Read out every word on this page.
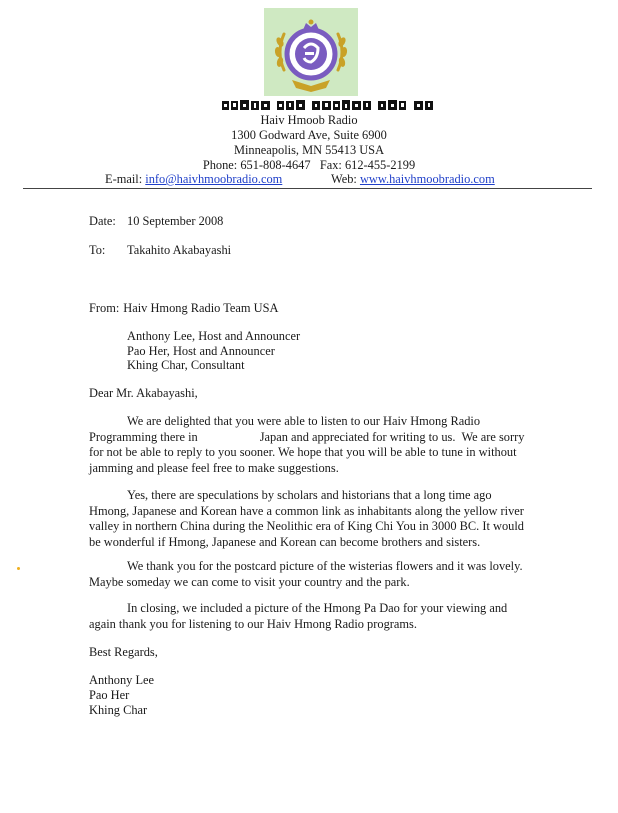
Haiv Hmoob Radio
1300 Godward Ave, Suite 6900
Minneapolis, MN 55413 USA
Phone: 651-808-4647   Fax: 612-455-2199
E-mail: info@haivhmoobradio.com	Web: www.haivhmoobradio.com
Date: 10 September 2008
To: Takahito Akabayashi
From: Haiv Hmong Radio Team USA
Anthony Lee, Host and Announcer
Pao Her, Host and Announcer
Khing Char, Consultant
Dear Mr. Akabayashi,
We are delighted that you were able to listen to our Haiv Hmong Radio
Programming there in                    Japan and appreciated for writing to us.  We are sorry
for not be able to reply to you sooner. We hope that you will be able to tune in without
jamming and please feel free to make suggestions.
Yes, there are speculations by scholars and historians that a long time ago
Hmong, Japanese and Korean have a common link as inhabitants along the yellow river
valley in northern China during the Neolithic era of King Chi You in 3000 BC. It would
be wonderful if Hmong, Japanese and Korean can become brothers and sisters.
We thank you for the postcard picture of the wisterias flowers and it was lovely.
Maybe someday we can come to visit your country and the park.
In closing, we included a picture of the Hmong Pa Dao for your viewing and
again thank you for listening to our Haiv Hmong Radio programs.
Best Regards,
Anthony Lee
Pao Her
Khing Char
